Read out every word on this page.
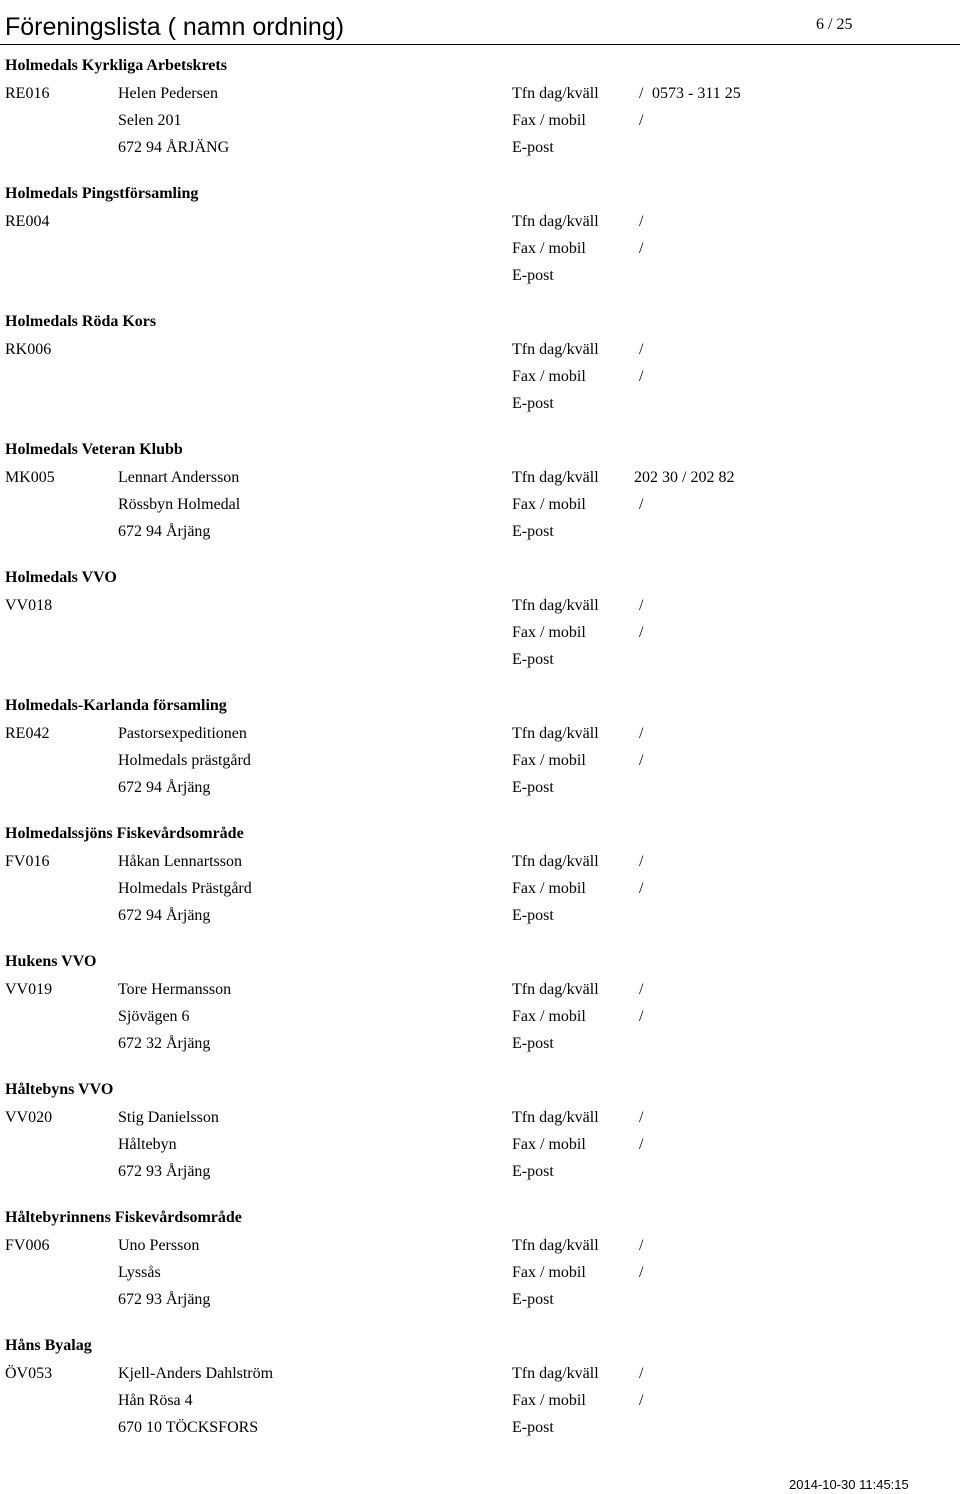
Föreningslista ( namn ordning)	6 / 25
Holmedals Kyrkliga Arbetskrets
RE016	Helen Pedersen	Tfn dag/kväll	/ 0573 - 311 25
Selen 201	Fax / mobil	/
672 94 ÅRJÄNG	E-post
Holmedals Pingstförsamling
RE004	Tfn dag/kväll	/
Fax / mobil	/
E-post
Holmedals Röda Kors
RK006	Tfn dag/kväll	/
Fax / mobil	/
E-post
Holmedals Veteran Klubb
MK005	Lennart Andersson	Tfn dag/kväll 202 30 / 202 82
Rössbyn Holmedal	Fax / mobil	/
672 94 Årjäng	E-post
Holmedals VVO
VV018	Tfn dag/kväll	/
Fax / mobil	/
E-post
Holmedals-Karlanda församling
RE042	Pastorsexpeditionen	Tfn dag/kväll	/
Holmedals prästgård	Fax / mobil	/
672 94 Årjäng	E-post
Holmedalssjöns Fiskevårdsområde
FV016	Håkan Lennartsson	Tfn dag/kväll	/
Holmedals Prästgård	Fax / mobil	/
672 94 Årjäng	E-post
Hukens VVO
VV019	Tore Hermansson	Tfn dag/kväll	/
Sjövägen 6	Fax / mobil	/
672 32 Årjäng	E-post
Håltebyns VVO
VV020	Stig Danielsson	Tfn dag/kväll	/
Håltebyn	Fax / mobil	/
672 93 Årjäng	E-post
Håltebyrinnens Fiskevårdsområde
FV006	Uno Persson	Tfn dag/kväll	/
Lyssås	Fax / mobil	/
672 93 Årjäng	E-post
Håns Byalag
ÖV053	Kjell-Anders Dahlström	Tfn dag/kväll	/
Hån Rösa 4	Fax / mobil	/
670 10 TÖCKSFORS	E-post
2014-10-30 11:45:15
